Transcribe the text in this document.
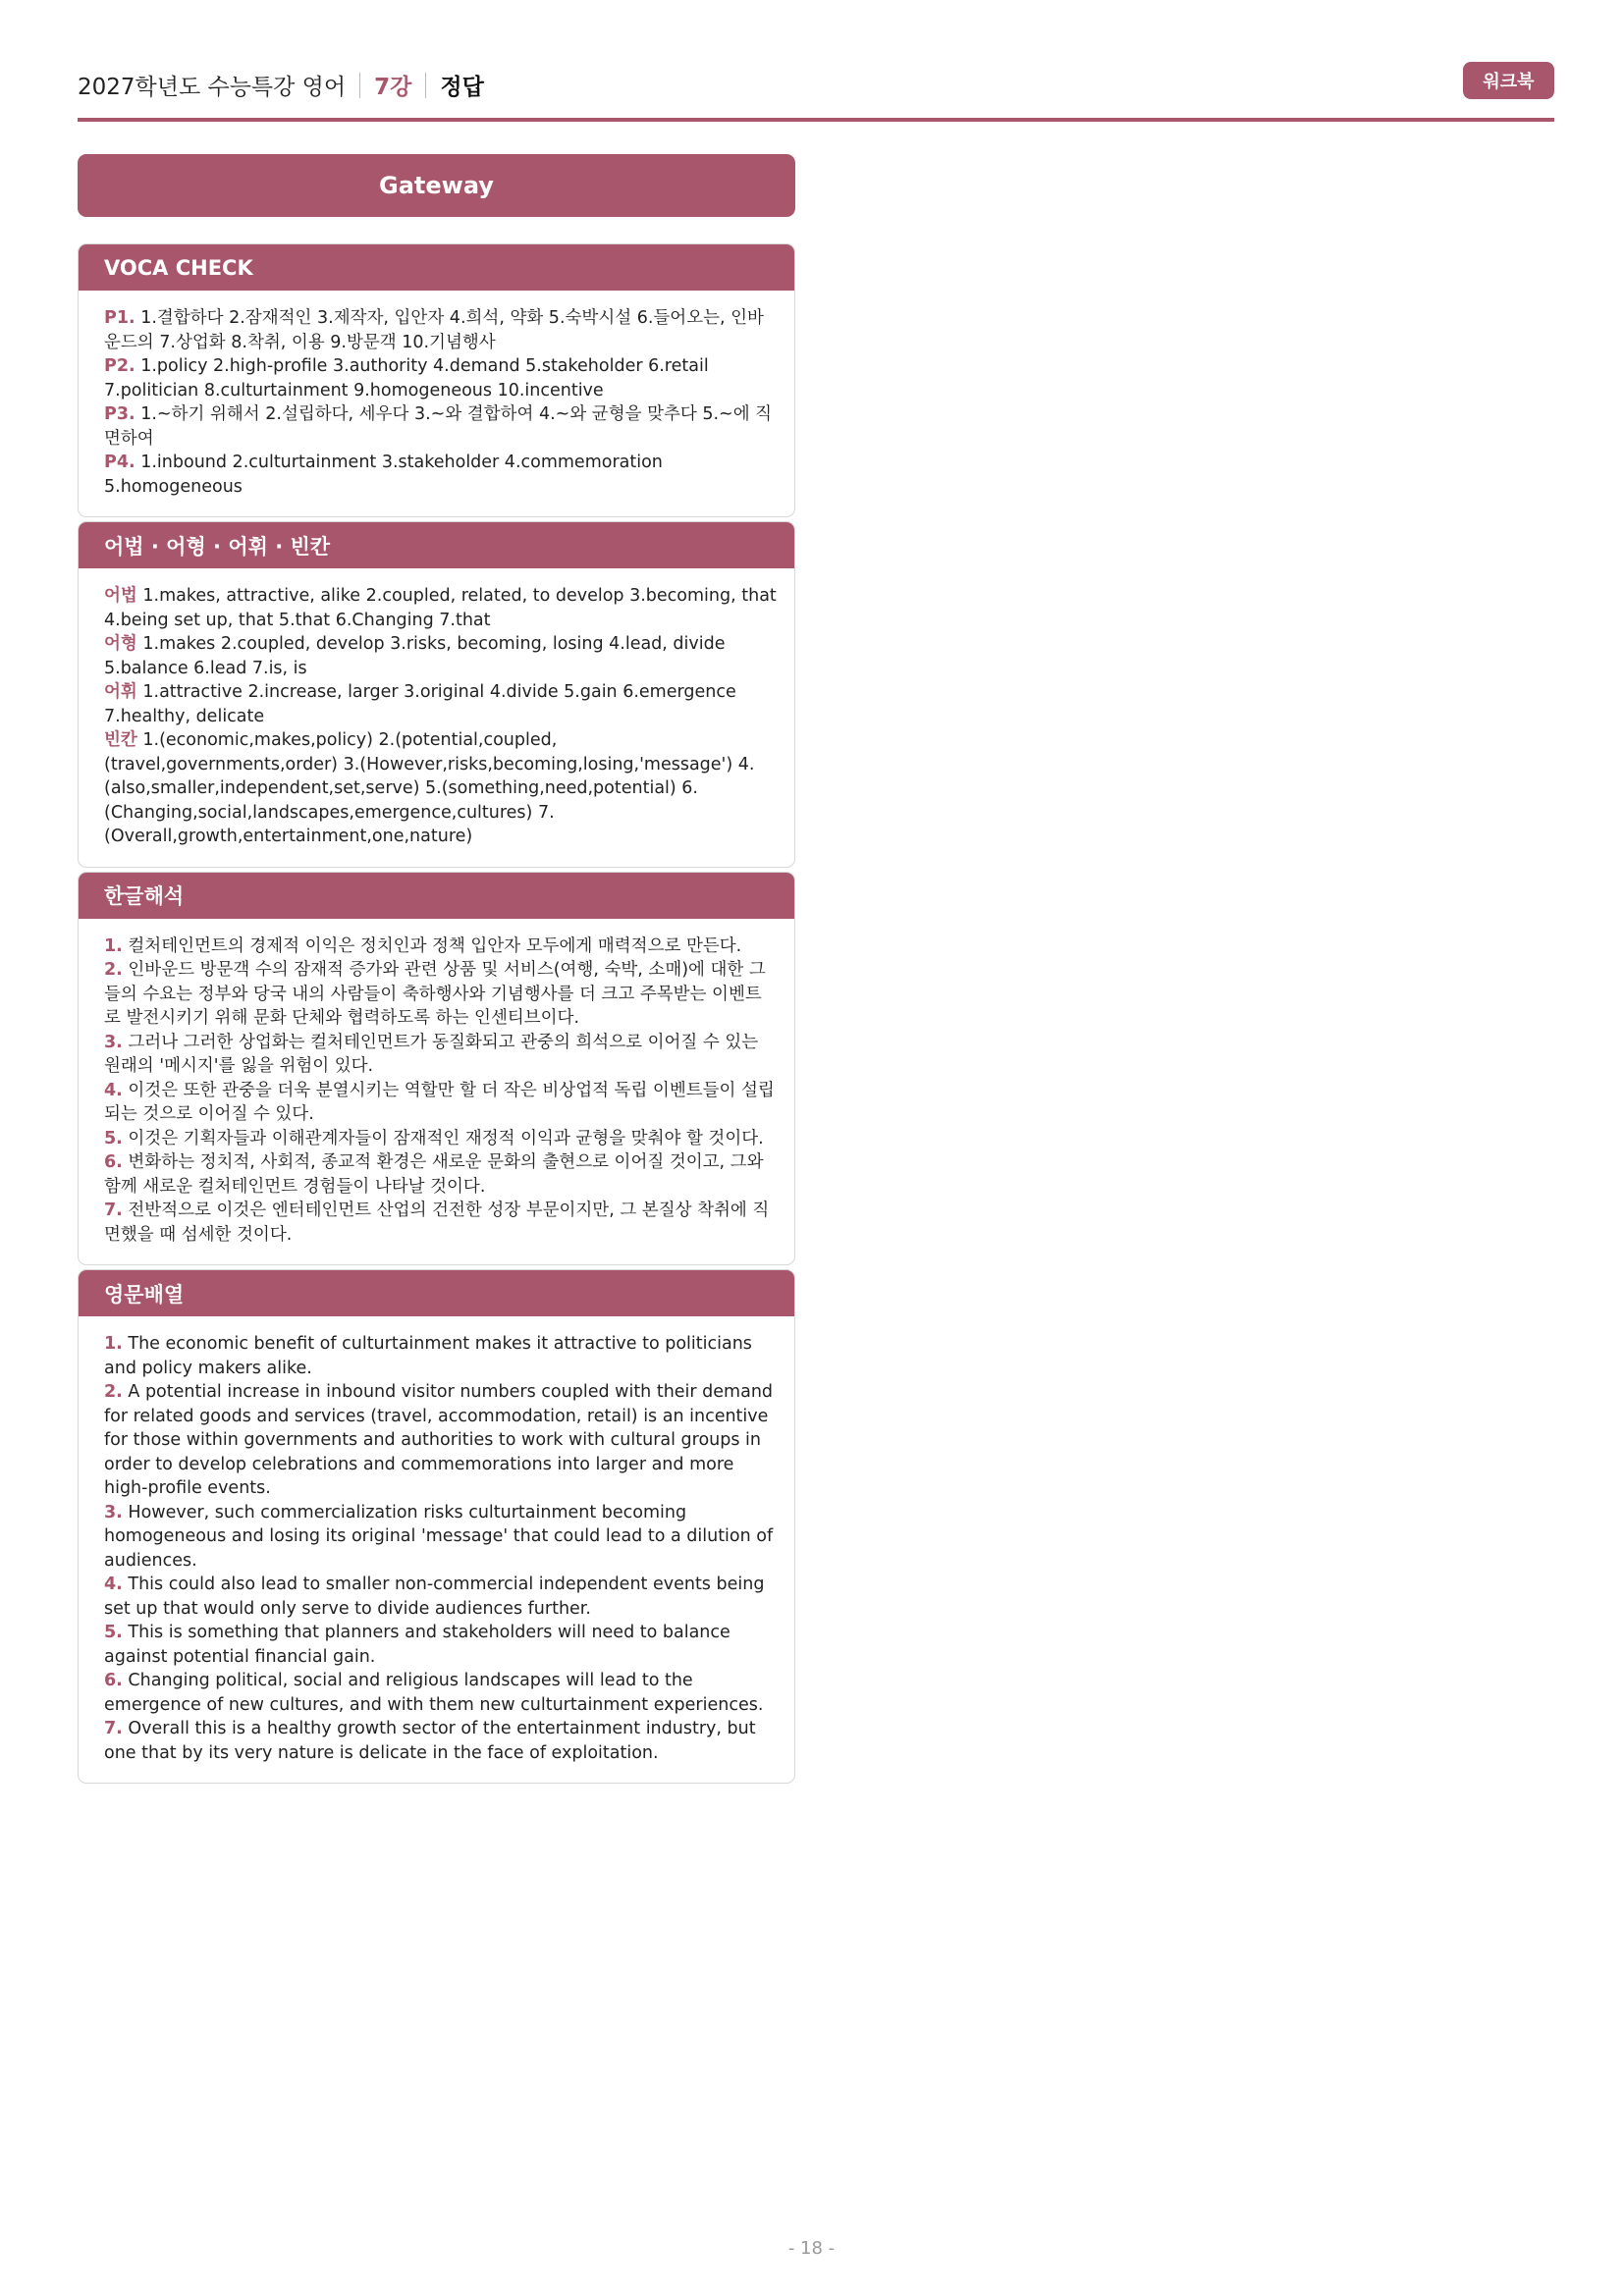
2027학년도 수능특강 영어 7강 정답	워크북
Gateway
VOCA CHECK
P1. 1.결합하다 2.잠재적인 3.제작자, 입안자 4.희석, 약화 5.숙박시설 6.들어오는, 인바운드의 7.상업화 8.착취, 이용 9.방문객 10.기념행사
P2. 1.policy 2.high-profile 3.authority 4.demand 5.stakeholder 6.retail 7.politician 8.culturtainment 9.homogeneous 10.incentive
P3. 1.~하기 위해서 2.설립하다, 세우다 3.~와 결합하여 4.~와 균형을 맞추다 5.~에 직면하여
P4. 1.inbound 2.culturtainment 3.stakeholder 4.commemoration 5.homogeneous
어법 · 어형 · 어휘 · 빈칸
어법 1.makes, attractive, alike 2.coupled, related, to develop 3.becoming, that 4.being set up, that 5.that 6.Changing 7.that
어형 1.makes 2.coupled, develop 3.risks, becoming, losing 4.lead, divide 5.balance 6.lead 7.is, is
어휘 1.attractive 2.increase, larger 3.original 4.divide 5.gain 6.emergence 7.healthy, delicate
빈칸 1.(economic,makes,policy) 2.(potential,coupled, (travel,governments,order) 3.(However,risks,becoming,losing,'message') 4.(also,smaller,independent,set,serve) 5.(something,need,potential) 6.(Changing,social,landscapes,emergence,cultures) 7.(Overall,growth,entertainment,one,nature)
한글해석
1. 컬처테인먼트의 경제적 이익은 정치인과 정책 입안자 모두에게 매력적으로 만든다.
2. 인바운드 방문객 수의 잠재적 증가와 관련 상품 및 서비스(여행, 숙박, 소매)에 대한 그들의 수요는 정부와 당국 내의 사람들이 축하행사와 기념행사를 더 크고 주목받는 이벤트로 발전시키기 위해 문화 단체와 협력하도록 하는 인센티브이다.
3. 그러나 그러한 상업화는 컬처테인먼트가 동질화되고 관중의 희석으로 이어질 수 있는 원래의 '메시지'를 잃을 위험이 있다.
4. 이것은 또한 관중을 더욱 분열시키는 역할만 할 더 작은 비상업적 독립 이벤트들이 설립되는 것으로 이어질 수 있다.
5. 이것은 기획자들과 이해관계자들이 잠재적인 재정적 이익과 균형을 맞춰야 할 것이다.
6. 변화하는 정치적, 사회적, 종교적 환경은 새로운 문화의 출현으로 이어질 것이고, 그와 함께 새로운 컬처테인먼트 경험들이 나타날 것이다.
7. 전반적으로 이것은 엔터테인먼트 산업의 건전한 성장 부문이지만, 그 본질상 착취에 직면했을 때 섬세한 것이다.
영문배열
1. The economic benefit of culturtainment makes it attractive to politicians and policy makers alike.
2. A potential increase in inbound visitor numbers coupled with their demand for related goods and services (travel, accommodation, retail) is an incentive for those within governments and authorities to work with cultural groups in order to develop celebrations and commemorations into larger and more high-profile events.
3. However, such commercialization risks culturtainment becoming homogeneous and losing its original 'message' that could lead to a dilution of audiences.
4. This could also lead to smaller non-commercial independent events being set up that would only serve to divide audiences further.
5. This is something that planners and stakeholders will need to balance against potential financial gain.
6. Changing political, social and religious landscapes will lead to the emergence of new cultures, and with them new culturtainment experiences.
7. Overall this is a healthy growth sector of the entertainment industry, but one that by its very nature is delicate in the face of exploitation.
- 18 -
